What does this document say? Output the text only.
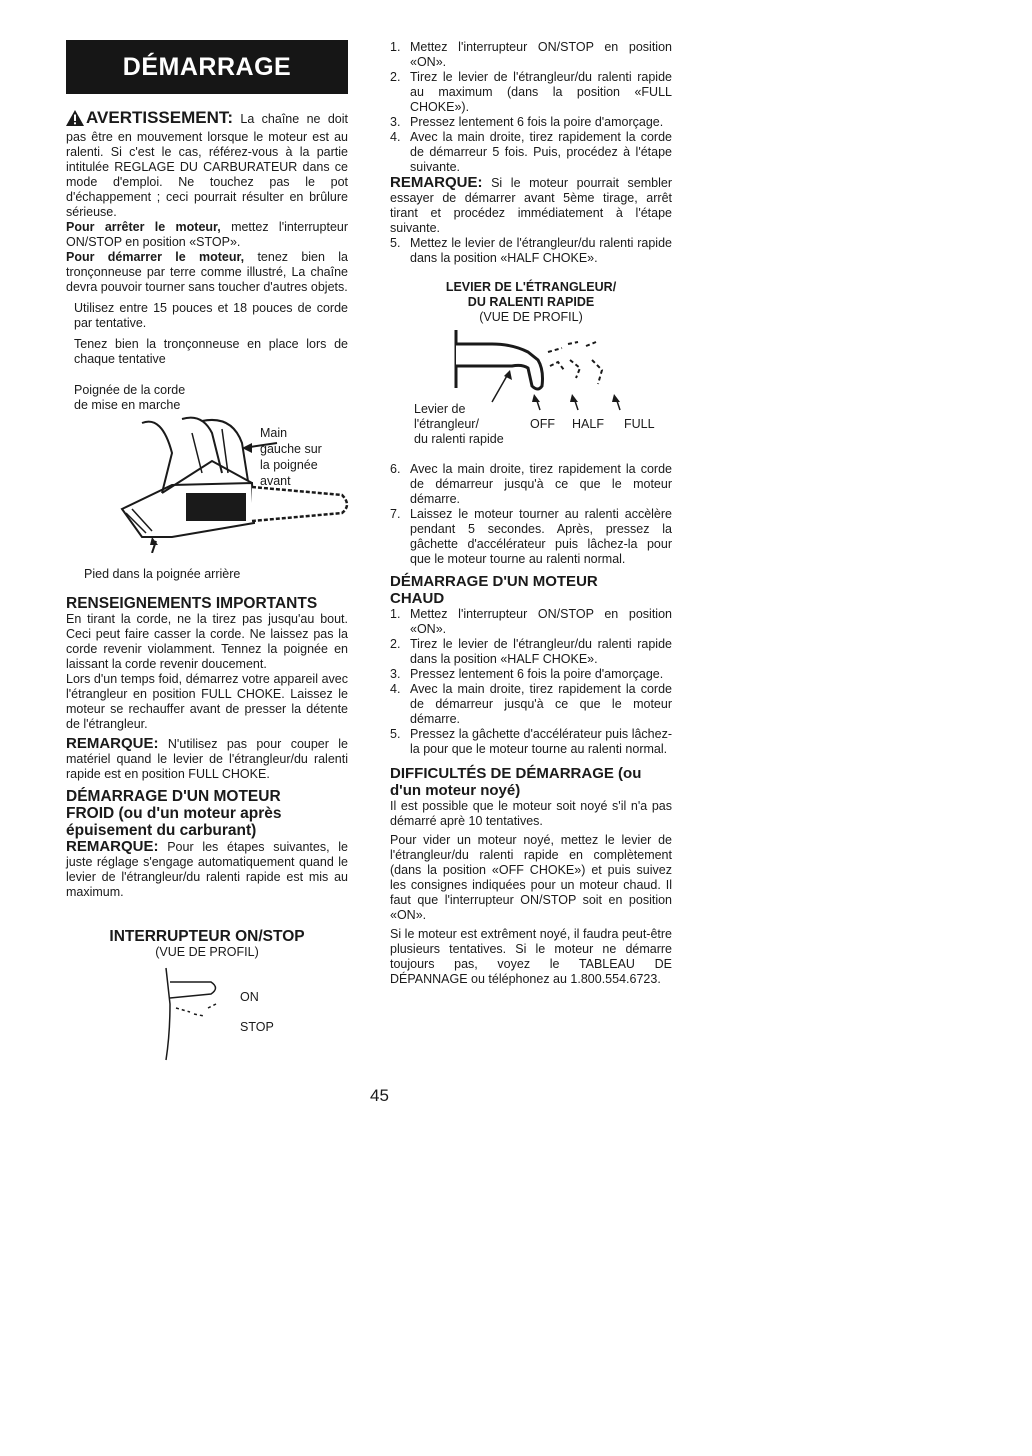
DÉMARRAGE
AVERTISSEMENT: La chaîne ne doit pas être en mouvement lorsque le moteur est au ralenti. Si c'est le cas, référez-vous à la partie intitulée REGLAGE DU CARBURATEUR dans ce mode d'emploi. Ne touchez pas le pot d'échappement ; ceci pourrait résulter en brûlure sérieuse.

Pour arrêter le moteur, mettez l'interrupteur ON/STOP en position «STOP».

Pour démarrer le moteur, tenez bien la tronçonneuse par terre comme illustré, La chaîne devra pouvoir tourner sans toucher d'autres objets.

Utilisez entre 15 pouces et 18 pouces de corde par tentative.

Tenez bien la tronçonneuse en place lors de chaque tentative

Poignée de la corde
de mise en marche
Main
gauche sur
la poignée
avant
Pied dans la poignée arrière
RENSEIGNEMENTS IMPORTANTS

En tirant la corde, ne la tirez pas jusqu'au bout. Ceci peut faire casser la corde. Ne laissez pas la corde revenir violamment. Tennez la poignée en laissant la corde revenir doucement.

Lors d'un temps foid, démarrez votre appareil avec l'étrangleur en position FULL CHOKE. Laissez le moteur se rechauffer avant de presser la détente de l'étrangleur.

REMARQUE: N'utilisez pas pour couper le matériel quand le levier de l'étrangleur/du ralenti rapide est en position FULL CHOKE.

DÉMARRAGE D'UN MOTEUR
FROID (ou d'un moteur après
épuisement du carburant)

REMARQUE: Pour les étapes suivantes, le juste réglage s'engage automatiquement quand le levier de l'étrangleur/du ralenti rapide est mis au maximum.

INTERRUPTEUR ON/STOP
(VUE DE PROFIL)
ON
STOP
1. Mettez l'interrupteur ON/STOP en position «ON».
2. Tirez le levier de l'étrangleur/du ralenti rapide au maximum (dans la position «FULL CHOKE»).
3. Pressez lentement 6 fois la poire d'amorçage.
4. Avec la main droite, tirez rapidement la corde de démarreur 5 fois. Puis, procédez à l'étape suivante.

REMARQUE: Si le moteur pourrait sembler essayer de démarrer avant 5ème tirage, arrêt tirant et procédez immédiatement à l'étape suivante.

5. Mettez le levier de l'étrangleur/du ralenti rapide dans la position «HALF CHOKE».
LEVIER DE L'ÉTRANGLEUR/
DU RALENTI RAPIDE
(VUE DE PROFIL)
Levier de
l'étrangleur/
du ralenti rapide
OFF HALF FULL
6. Avec la main droite, tirez rapidement la corde de démarreur jusqu'à ce que le moteur démarre.
7. Laissez le moteur tourner au ralenti accèlère pendant 5 secondes. Après, pressez la gâchette d'accélérateur puis lâchez-la pour que le moteur tourne au ralenti normal.
DÉMARRAGE D'UN MOTEUR
CHAUD
1. Mettez l'interrupteur ON/STOP en position «ON».
2. Tirez le levier de l'étrangleur/du ralenti rapide dans la position «HALF CHOKE».
3. Pressez lentement 6 fois la poire d'amorçage.
4. Avec la main droite, tirez rapidement la corde de démarreur jusqu'à ce que le moteur démarre.
5. Pressez la gâchette d'accélérateur puis lâchez-la pour que le moteur tourne au ralenti normal.
DIFFICULTÉS DE DÉMARRAGE (ou
d'un moteur noyé)

Il est possible que le moteur soit noyé s'il n'a pas démarré aprè 10 tentatives.

Pour vider un moteur noyé, mettez le levier de l'étrangleur/du ralenti rapide en complètement (dans la position «OFF CHOKE») et puis suivez les consignes indiquées pour un moteur chaud. Il faut que l'interrupteur ON/STOP soit en position «ON».

Si le moteur est extrêment noyé, il faudra peut-être plusieurs tentatives. Si le moteur ne démarre toujours pas, voyez le TABLEAU DE DÉPANNAGE ou téléphonez au 1.800.554.6723.

45
